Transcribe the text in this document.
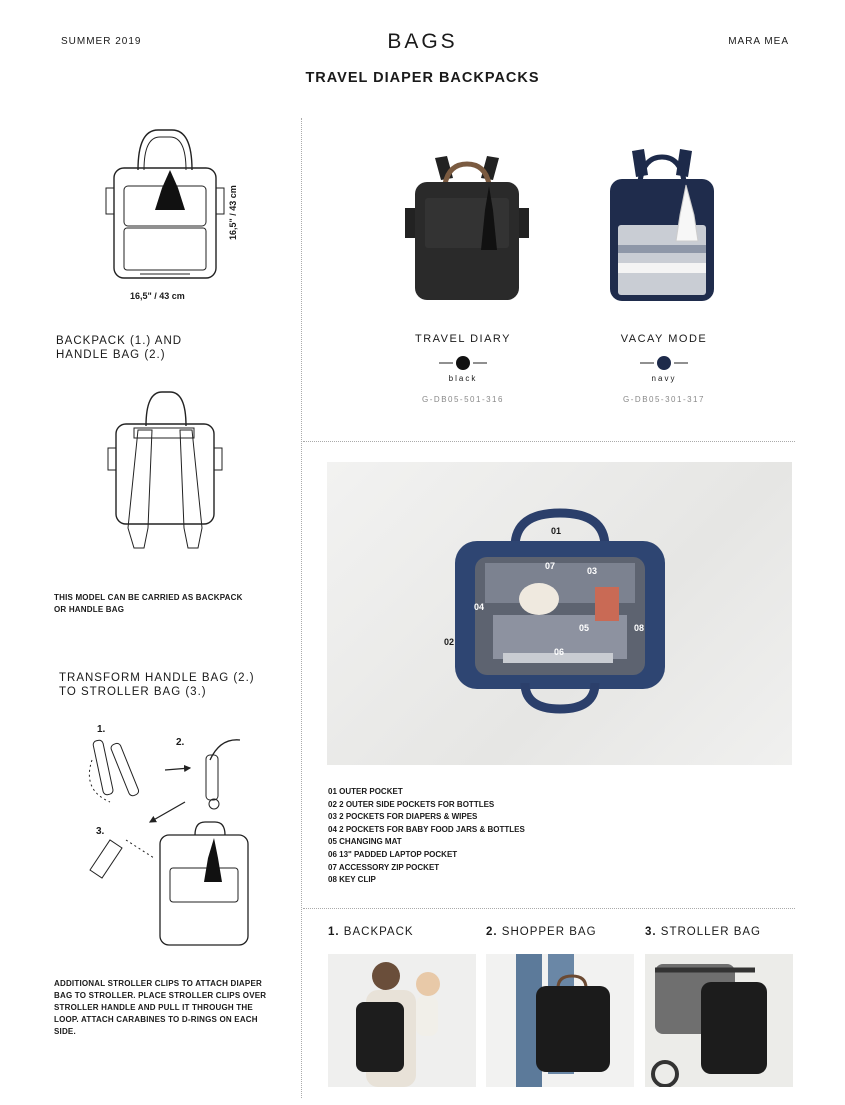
SUMMER 2019	BAGS	MARA MEA
TRAVEL DIAPER BACKPACKS
16,5" / 43 cm
16,5" / 43 cm
BACKPACK (1.) AND
HANDLE BAG (2.)
THIS MODEL CAN BE CARRIED AS BACKPACK
OR HANDLE BAG
TRANSFORM HANDLE BAG (2.)
TO STROLLER BAG (3.)
1.
2.
3.
ADDITIONAL STROLLER CLIPS TO ATTACH DIAPER
BAG TO STROLLER. PLACE STROLLER CLIPS OVER
STROLLER HANDLE AND PULL IT THROUGH THE
LOOP. ATTACH CARABINES TO D-RINGS ON EACH
SIDE.
TRAVEL DIARY	VACAY MODE
black	navy
G-DB05-501-316	G-DB05-301-317
01
07	03
04
02
05	08
06
01 OUTER POCKET
02 2 OUTER SIDE POCKETS FOR BOTTLES
03 2 POCKETS FOR DIAPERS & WIPES
04 2 POCKETS FOR BABY FOOD JARS & BOTTLES
05 CHANGING MAT
06 13" PADDED LAPTOP POCKET
07 ACCESSORY ZIP POCKET
08 KEY CLIP
1. BACKPACK	2. SHOPPER BAG	3. STROLLER BAG
